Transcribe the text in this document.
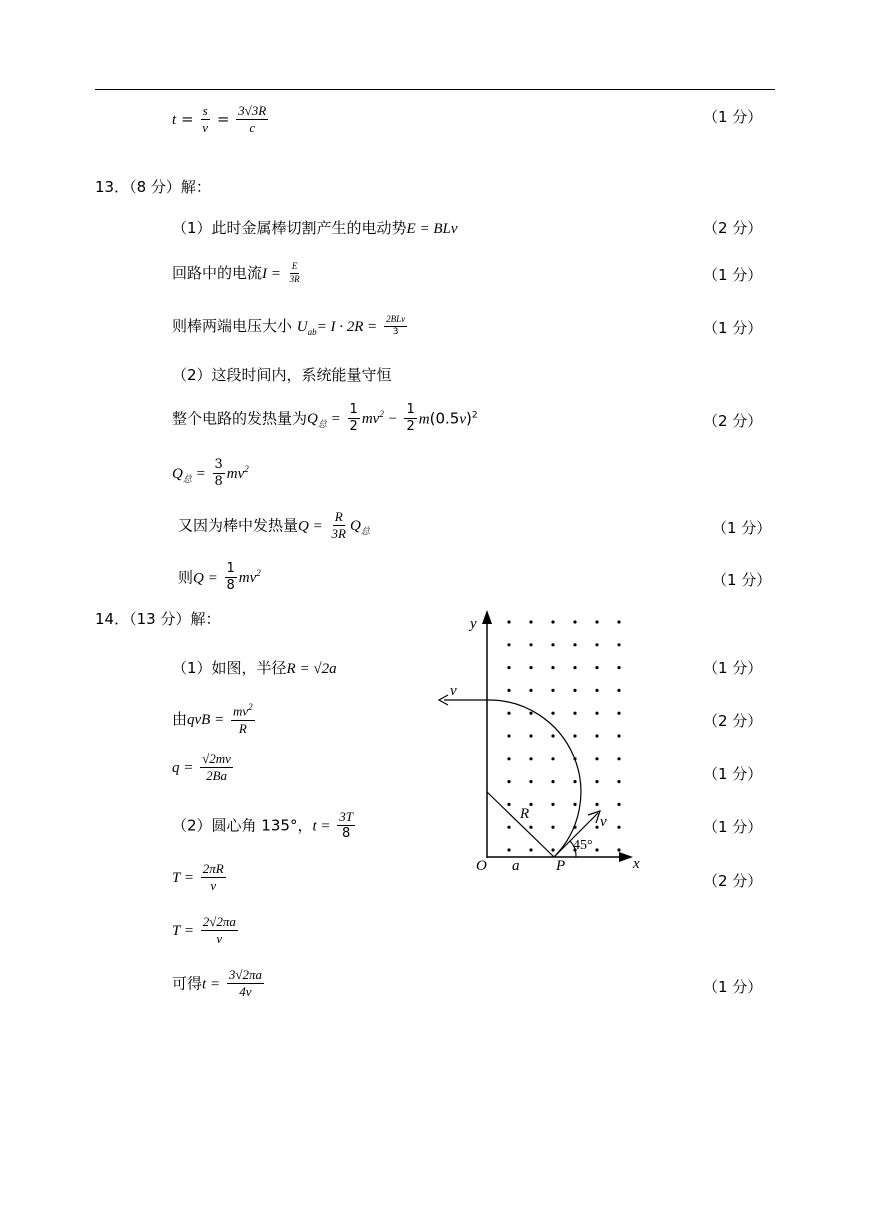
$t = \frac{s}{v} = \frac{3√3R}{c}$	（1 分）
13．（8 分）解：
（1）此时金属棒切割产生的电动势E = BLv	（2 分）
回路中的电流$I = \frac{E}{3R}$	（1 分）
则棒两端电压大小 $U_{ab}= I \cdot 2R = \frac{\text{2BLv}}{3}$	（1 分）
（2）这段时间内，系统能量守恒
整个电路的发热量为$Q_总 = \frac{1}{2} mv^2 - \frac{1}{2} m(0.5v)^2$	（2 分）
$Q_总 = \frac{3}{8} mv^2$
又因为棒中发热量$Q = \frac{R}{3R} Q_总$	（1 分）
则$Q = \frac{1}{8} mv^2$	（1 分）
14．（13 分）解：
（1）如图，半径R = √2a	（1 分）
由qvB = $\frac{mv^2}{R}$	（2 分）
$q = \frac{√2mv}{2Ba}$	（1 分）
（2）圆心角 135°，$t = \frac{3T}{8}$	（1 分）
$T = \frac{2\pi R}{v}$	（2 分）
$T = \frac{2√2\pi a}{v}$
可得$t = \frac{3√2\pi a}{4v}$	（1 分）
y
x
O a P
R
v
v
45°
